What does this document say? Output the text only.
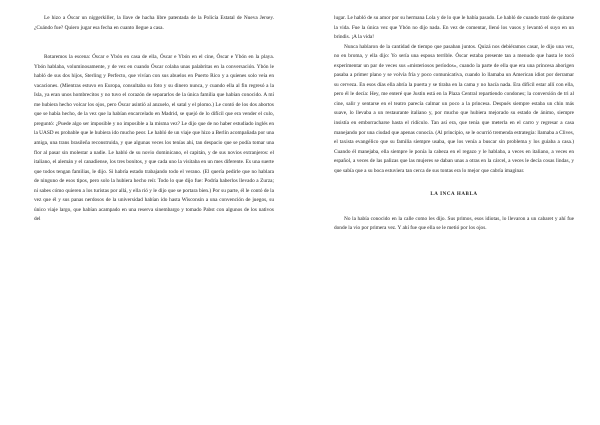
Le hizo a Óscar un niggerkiller, la llave de hacha libre patentada de la Policía Estatal de Nueva Jersey. ¿Cuándo fue? Quiero jugar esa fecha en cuanto llegue a casa.

Rotaremos la escena: Óscar e Ybón en casa de ella, Óscar e Ybón en el cine, Óscar e Ybón en la playa. Ybón hablaba, voluminosamente, y de vez en cuando Óscar colaba unas palabritas en la conversación. Ybón le habló de sus dos hijos, Sterling y Perfecto, que vivían con sus abuelos en Puerto Rico y a quienes solo veía en vacaciones. (Mientras estuvo en Europa, consultaba su foto y su dinero nunca, y cuando ella al fin regresó a la Isla, ya eran unos hombrecitos y no tuvo el corazón de separarlos de la única familia que habían conocido. A mí me hubiera hecho volcar los ojos, pero Óscar asintió al anzuelo, el satal y el plomo.) Le contó de los dos abortos que se había hecho, de la vez que la habían encarcelado en Madrid, se quejó de lo difícil que era vender el culo, preguntó: ¿Puede algo ser imposible y no imposible a la misma vez? Le dijo que de no haber estudiado inglés en la UASD es probable que le hubiera ido mucho peor. Le habló de un viaje que hizo a Berlín acompañada por una amiga, una trans brasileña reconstruida, y que algunas veces los tenías ahí, tan despacio que se podía tomar una flor al pasar sin molestar a nadie. Le habló de su novio dominicano, el capitán, y de sus novios extranjeros: el italiano, el alemán y el canadiense, los tres bonitos, y que cada uno la visitaba en un mes diferente. Es una suerte que todos tengan familias, le dijo. Si habría estado trabajando todo el verano. (El quería pedirle que no hablara de ninguno de esos tipos, pero solo la hubiera hecho reír. Todo lo que dijo fue: Podría haberlos llevado a Zurza; ni sabes cómo quieren a los turistas por allá, y ella rió y le dijo que se portara bien.) Por su parte, él le contó de la vez que él y sus panas nerdosos de la universidad habían ido hasta Wisconsin a una convención de juegos, su único viaje largo, que habían acampado en una reserva sinembargo y tomado Pabst con algunos de los nativos del

lugar. Le habló de su amor por su hermana Lola y de lo que le había pasado. Le habló de cuando trató de quitarse la vida. Fue la única vez que Ybón no dijo nada. En vez de comentar, llenó los vasos y levantó el suyo en un brindis. ¡A la vida!

Nunca hablaron de la cantidad de tiempo que pasaban juntos. Quizá nos debiéramos casar, le dijo una vez, no en broma, y ella dijo: Yo sería una esposa terrible. Óscar estaba presente tan a menudo que hasta le tocó experimentar un par de veces sus «misteriosos períodos», cuando la parte de ella que era una princesa aborigen pasaba a primer plano y se volvía fría y poco comunicativa, cuando lo llamaba un American idiot por derramar su cerveza. En esos días ella abría la puerta y se tiraba en la cama y no hacía nada. Era difícil estar allí con ella, pero él le decía: Hey, me enteré que Justin está en la Plaza Central repartiendo condones; la conversión de tri al cine, salir y sentarse en el teatro parecía calmar un poco a la princesa. Después siempre estaba un chin más suave, lo llevaba a un restaurante italiano y, por mucho que hubiera mejorado su estado de ánimo, siempre insistía en emborracharse hasta el ridículo. Tan así era, que tenía que meterla en el carro y regresar a casa manejando por una ciudad que apenas conocía. (Al principio, se le ocurrió tremenda estrategia: llamaba a Clives, el taxista evangélico que su familia siempre usaba, que los venía a buscar sin problema y los guiaba a casa.) Cuando él manejaba, ella siempre le ponía la cabeza en el regazo y le hablaba, a veces en italiano, a veces en español, a veces de las palizas que las mujeres se daban unas a otras en la cárcel, a veces le decía cosas lindas, y que sabía que a su boca estuviera tan cerca de sus tontas era lo mejor que cabría imaginar.

LA INCA HABLA

No la había conocido en la calle como les dijo. Sus primos, esos idiotas, lo llevaron a un cabaret y ahí fue donde la vio por primera vez. Y ahí fue que ella se le metió por los ojos.
